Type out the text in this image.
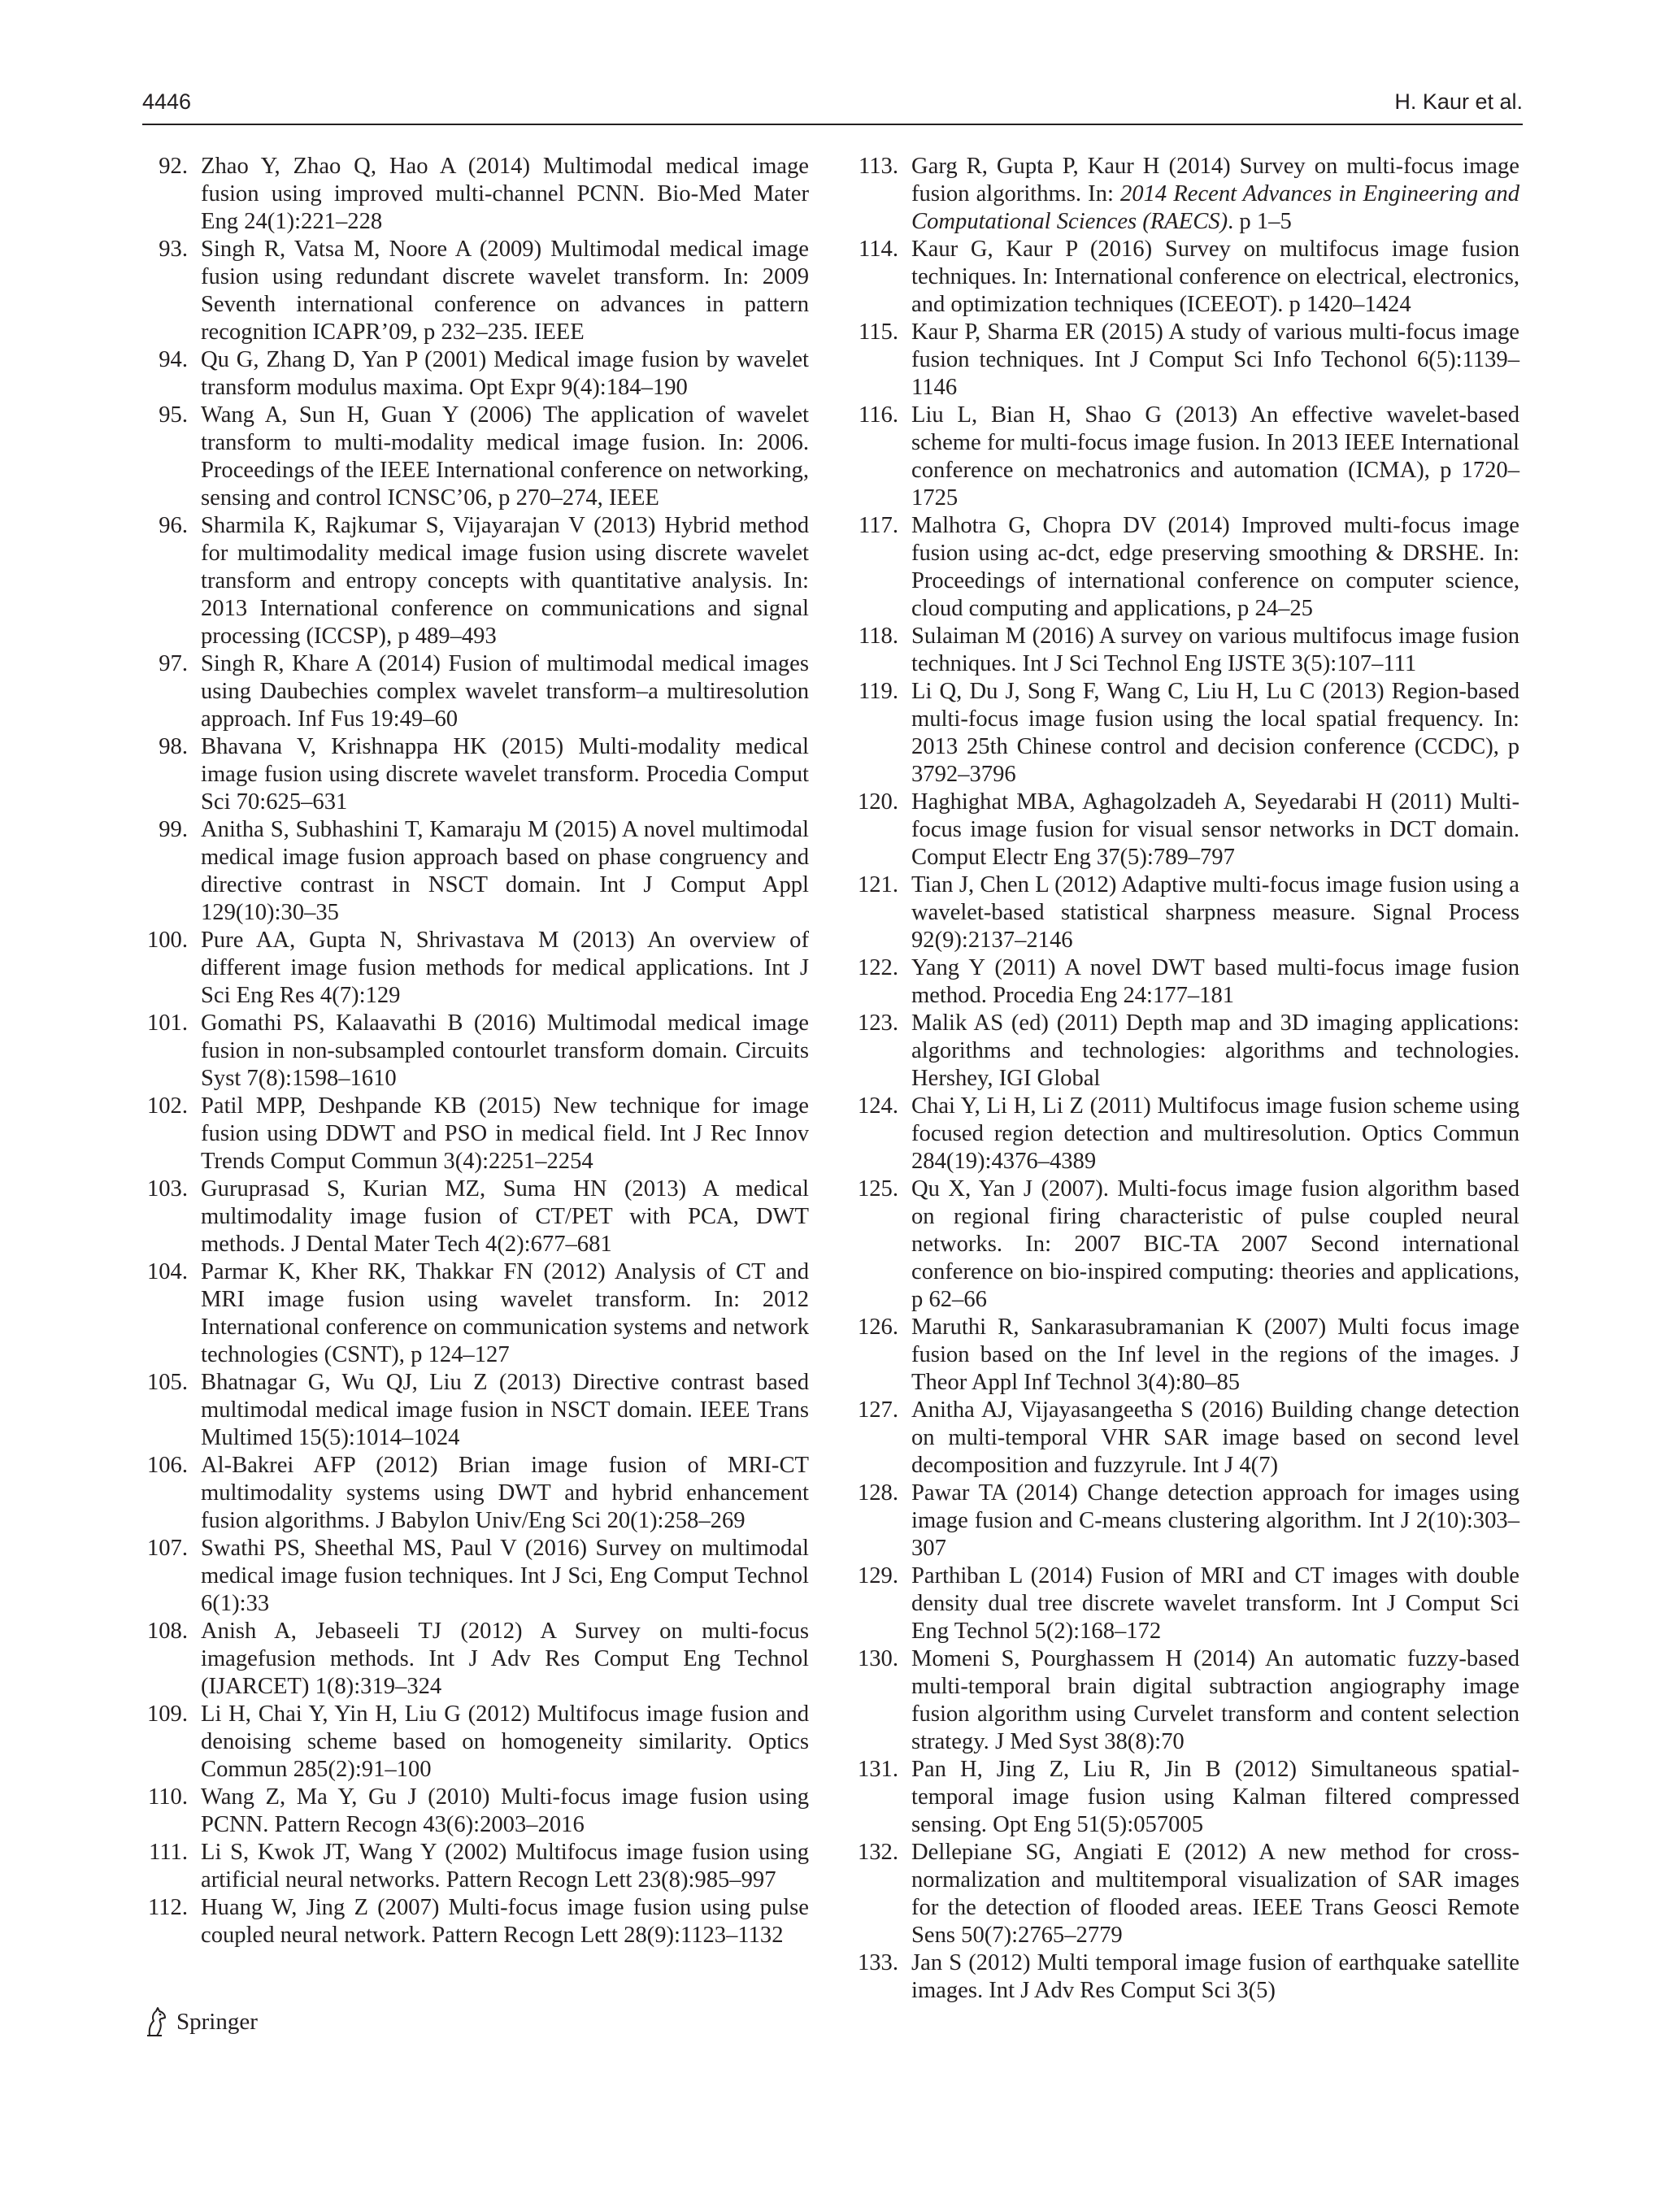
4446	H. Kaur et al.
92. Zhao Y, Zhao Q, Hao A (2014) Multimodal medical image fusion using improved multi-channel PCNN. Bio-Med Mater Eng 24(1):221–228
93. Singh R, Vatsa M, Noore A (2009) Multimodal medical image fusion using redundant discrete wavelet transform. In: 2009 Seventh international conference on advances in pattern recognition ICAPR’09, p 232–235. IEEE
94. Qu G, Zhang D, Yan P (2001) Medical image fusion by wavelet transform modulus maxima. Opt Expr 9(4):184–190
95. Wang A, Sun H, Guan Y (2006) The application of wavelet transform to multi-modality medical image fusion. In: 2006. Proceedings of the IEEE International conference on networking, sensing and control ICNSC’06, p 270–274, IEEE
96. Sharmila K, Rajkumar S, Vijayarajan V (2013) Hybrid method for multimodality medical image fusion using discrete wavelet transform and entropy concepts with quantitative analysis. In: 2013 International conference on communications and signal processing (ICCSP), p 489–493
97. Singh R, Khare A (2014) Fusion of multimodal medical images using Daubechies complex wavelet transform–a multiresolution approach. Inf Fus 19:49–60
98. Bhavana V, Krishnappa HK (2015) Multi-modality medical image fusion using discrete wavelet transform. Procedia Comput Sci 70:625–631
99. Anitha S, Subhashini T, Kamaraju M (2015) A novel multimodal medical image fusion approach based on phase congruency and directive contrast in NSCT domain. Int J Comput Appl 129(10):30–35
100. Pure AA, Gupta N, Shrivastava M (2013) An overview of different image fusion methods for medical applications. Int J Sci Eng Res 4(7):129
101. Gomathi PS, Kalaavathi B (2016) Multimodal medical image fusion in non-subsampled contourlet transform domain. Circuits Syst 7(8):1598–1610
102. Patil MPP, Deshpande KB (2015) New technique for image fusion using DDWT and PSO in medical field. Int J Rec Innov Trends Comput Commun 3(4):2251–2254
103. Guruprasad S, Kurian MZ, Suma HN (2013) A medical multimodality image fusion of CT/PET with PCA, DWT methods. J Dental Mater Tech 4(2):677–681
104. Parmar K, Kher RK, Thakkar FN (2012) Analysis of CT and MRI image fusion using wavelet transform. In: 2012 International conference on communication systems and network technologies (CSNT), p 124–127
105. Bhatnagar G, Wu QJ, Liu Z (2013) Directive contrast based multimodal medical image fusion in NSCT domain. IEEE Trans Multimed 15(5):1014–1024
106. Al-Bakrei AFP (2012) Brian image fusion of MRI-CT multimodality systems using DWT and hybrid enhancement fusion algorithms. J Babylon Univ/Eng Sci 20(1):258–269
107. Swathi PS, Sheethal MS, Paul V (2016) Survey on multimodal medical image fusion techniques. Int J Sci, Eng Comput Technol 6(1):33
108. Anish A, Jebaseeli TJ (2012) A Survey on multi-focus imagefusion methods. Int J Adv Res Comput Eng Technol (IJARCET) 1(8):319–324
109. Li H, Chai Y, Yin H, Liu G (2012) Multifocus image fusion and denoising scheme based on homogeneity similarity. Optics Commun 285(2):91–100
110. Wang Z, Ma Y, Gu J (2010) Multi-focus image fusion using PCNN. Pattern Recogn 43(6):2003–2016
111. Li S, Kwok JT, Wang Y (2002) Multifocus image fusion using artificial neural networks. Pattern Recogn Lett 23(8):985–997
112. Huang W, Jing Z (2007) Multi-focus image fusion using pulse coupled neural network. Pattern Recogn Lett 28(9):1123–1132
113. Garg R, Gupta P, Kaur H (2014) Survey on multi-focus image fusion algorithms. In: 2014 Recent Advances in Engineering and Computational Sciences (RAECS). p 1–5
114. Kaur G, Kaur P (2016) Survey on multifocus image fusion techniques. In: International conference on electrical, electronics, and optimization techniques (ICEEOT). p 1420–1424
115. Kaur P, Sharma ER (2015) A study of various multi-focus image fusion techniques. Int J Comput Sci Info Techonol 6(5):1139–1146
116. Liu L, Bian H, Shao G (2013) An effective wavelet-based scheme for multi-focus image fusion. In 2013 IEEE International conference on mechatronics and automation (ICMA), p 1720–1725
117. Malhotra G, Chopra DV (2014) Improved multi-focus image fusion using ac-dct, edge preserving smoothing & DRSHE. In: Proceedings of international conference on computer science, cloud computing and applications, p 24–25
118. Sulaiman M (2016) A survey on various multifocus image fusion techniques. Int J Sci Technol Eng IJSTE 3(5):107–111
119. Li Q, Du J, Song F, Wang C, Liu H, Lu C (2013) Region-based multi-focus image fusion using the local spatial frequency. In: 2013 25th Chinese control and decision conference (CCDC), p 3792–3796
120. Haghighat MBA, Aghagolzadeh A, Seyedarabi H (2011) Multi-focus image fusion for visual sensor networks in DCT domain. Comput Electr Eng 37(5):789–797
121. Tian J, Chen L (2012) Adaptive multi-focus image fusion using a wavelet-based statistical sharpness measure. Signal Process 92(9):2137–2146
122. Yang Y (2011) A novel DWT based multi-focus image fusion method. Procedia Eng 24:177–181
123. Malik AS (ed) (2011) Depth map and 3D imaging applications: algorithms and technologies: algorithms and technologies. Hershey, IGI Global
124. Chai Y, Li H, Li Z (2011) Multifocus image fusion scheme using focused region detection and multiresolution. Optics Commun 284(19):4376–4389
125. Qu X, Yan J (2007). Multi-focus image fusion algorithm based on regional firing characteristic of pulse coupled neural networks. In: 2007 BIC-TA 2007 Second international conference on bio-inspired computing: theories and applications, p 62–66
126. Maruthi R, Sankarasubramanian K (2007) Multi focus image fusion based on the Inf level in the regions of the images. J Theor Appl Inf Technol 3(4):80–85
127. Anitha AJ, Vijayasangeetha S (2016) Building change detection on multi-temporal VHR SAR image based on second level decomposition and fuzzyrule. Int J 4(7)
128. Pawar TA (2014) Change detection approach for images using image fusion and C-means clustering algorithm. Int J 2(10):303–307
129. Parthiban L (2014) Fusion of MRI and CT images with double density dual tree discrete wavelet transform. Int J Comput Sci Eng Technol 5(2):168–172
130. Momeni S, Pourghassem H (2014) An automatic fuzzy-based multi-temporal brain digital subtraction angiography image fusion algorithm using Curvelet transform and content selection strategy. J Med Syst 38(8):70
131. Pan H, Jing Z, Liu R, Jin B (2012) Simultaneous spatial-temporal image fusion using Kalman filtered compressed sensing. Opt Eng 51(5):057005
132. Dellepiane SG, Angiati E (2012) A new method for cross-normalization and multitemporal visualization of SAR images for the detection of flooded areas. IEEE Trans Geosci Remote Sens 50(7):2765–2779
133. Jan S (2012) Multi temporal image fusion of earthquake satellite images. Int J Adv Res Comput Sci 3(5)
Springer
